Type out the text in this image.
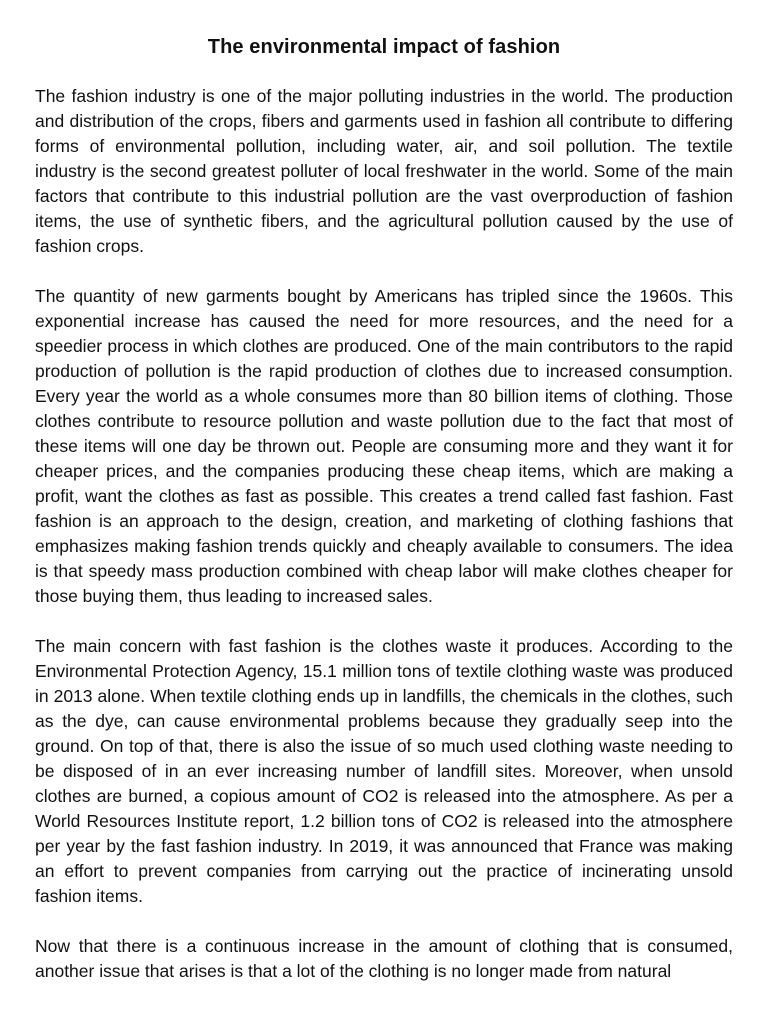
The environmental impact of fashion

The fashion industry is one of the major polluting industries in the world. The production and distribution of the crops, fibers and garments used in fashion all contribute to differing forms of environmental pollution, including water, air, and soil pollution. The textile industry is the second greatest polluter of local freshwater in the world. Some of the main factors that contribute to this industrial pollution are the vast overproduction of fashion items, the use of synthetic fibers, and the agricultural pollution caused by the use of fashion crops.

The quantity of new garments bought by Americans has tripled since the 1960s. This exponential increase has caused the need for more resources, and the need for a speedier process in which clothes are produced. One of the main contributors to the rapid production of pollution is the rapid production of clothes due to increased consumption. Every year the world as a whole consumes more than 80 billion items of clothing. Those clothes contribute to resource pollution and waste pollution due to the fact that most of these items will one day be thrown out. People are consuming more and they want it for cheaper prices, and the companies producing these cheap items, which are making a profit, want the clothes as fast as possible. This creates a trend called fast fashion. Fast fashion is an approach to the design, creation, and marketing of clothing fashions that emphasizes making fashion trends quickly and cheaply available to consumers. The idea is that speedy mass production combined with cheap labor will make clothes cheaper for those buying them, thus leading to increased sales.

The main concern with fast fashion is the clothes waste it produces. According to the Environmental Protection Agency, 15.1 million tons of textile clothing waste was produced in 2013 alone. When textile clothing ends up in landfills, the chemicals in the clothes, such as the dye, can cause environmental problems because they gradually seep into the ground. On top of that, there is also the issue of so much used clothing waste needing to be disposed of in an ever increasing number of landfill sites. Moreover, when unsold clothes are burned, a copious amount of CO2 is released into the atmosphere. As per a World Resources Institute report, 1.2 billion tons of CO2 is released into the atmosphere per year by the fast fashion industry. In 2019, it was announced that France was making an effort to prevent companies from carrying out the practice of incinerating unsold fashion items.

Now that there is a continuous increase in the amount of clothing that is consumed, another issue that arises is that a lot of the clothing is no longer made from natural
